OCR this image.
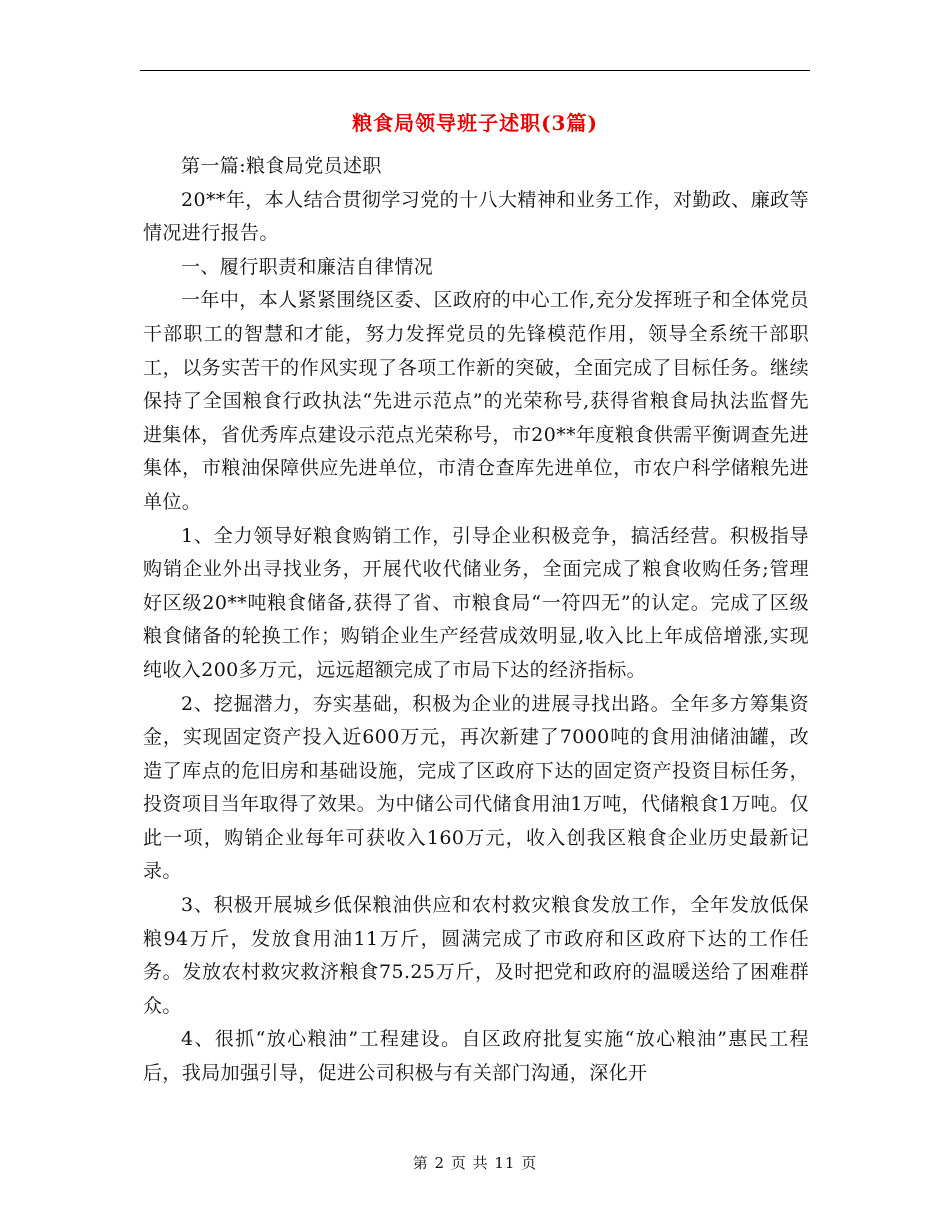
粮食局领导班子述职(3篇)

第一篇:粮食局党员述职

20**年，本人结合贯彻学习党的十八大精神和业务工作，对勤政、廉政等情况进行报告。

一、履行职责和廉洁自律情况

一年中，本人紧紧围绕区委、区政府的中心工作,充分发挥班子和全体党员干部职工的智慧和才能，努力发挥党员的先锋模范作用，领导全系统干部职工，以务实苦干的作风实现了各项工作新的突破，全面完成了目标任务。继续保持了全国粮食行政执法“先进示范点”的光荣称号,获得省粮食局执法监督先进集体，省优秀库点建设示范点光荣称号，市20**年度粮食供需平衡调查先进集体，市粮油保障供应先进单位，市清仓查库先进单位，市农户科学储粮先进单位。

1、全力领导好粮食购销工作，引导企业积极竞争，搞活经营。积极指导购销企业外出寻找业务，开展代收代储业务，全面完成了粮食收购任务;管理好区级20**吨粮食储备,获得了省、市粮食局“一符四无”的认定。完成了区级粮食储备的轮换工作；购销企业生产经营成效明显,收入比上年成倍增涨,实现纯收入200多万元，远远超额完成了市局下达的经济指标。

2、挖掘潜力，夯实基础，积极为企业的进展寻找出路。全年多方筹集资金，实现固定资产投入近600万元，再次新建了7000吨的食用油储油罐，改造了库点的危旧房和基础设施，完成了区政府下达的固定资产投资目标任务，投资项目当年取得了效果。为中储公司代储食用油1万吨，代储粮食1万吨。仅此一项，购销企业每年可获收入160万元，收入创我区粮食企业历史最新记录。

3、积极开展城乡低保粮油供应和农村救灾粮食发放工作，全年发放低保粮94万斤，发放食用油11万斤，圆满完成了市政府和区政府下达的工作任务。发放农村救灾救济粮食75.25万斤，及时把党和政府的温暖送给了困难群众。

4、很抓“放心粮油”工程建设。自区政府批复实施“放心粮油”惠民工程后，我局加强引导，促进公司积极与有关部门沟通，深化开

第 2 页 共 11 页
